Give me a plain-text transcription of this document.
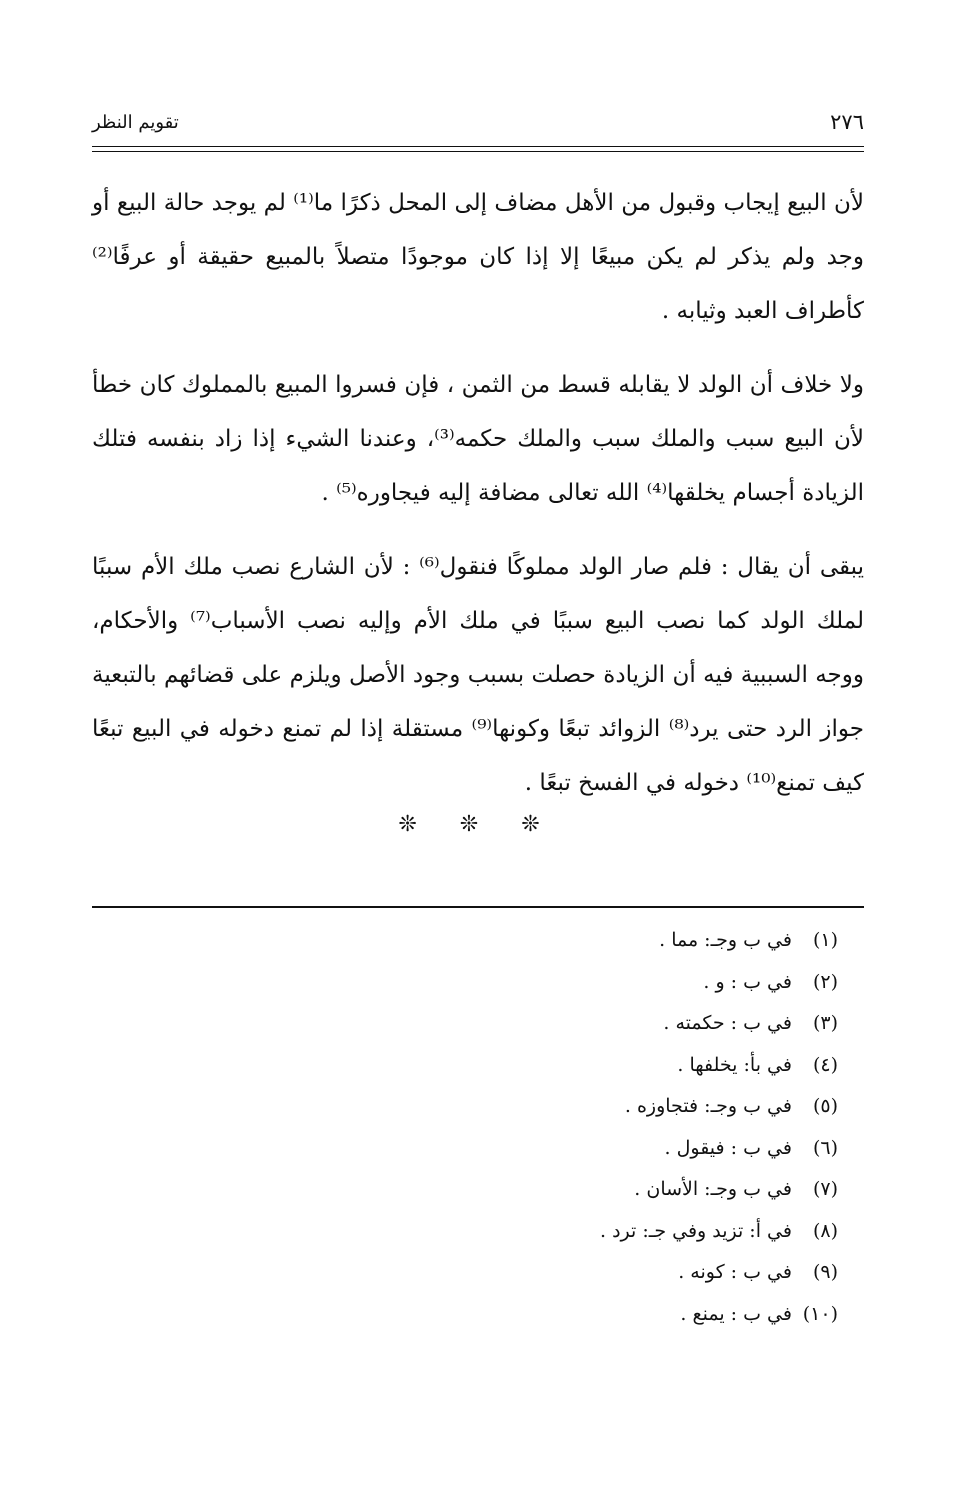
٢٧٦
تقويم النظر

لأن البيع إيجاب وقبول من الأهل مضاف إلى المحل ذكرًا ما⁽¹⁾ لم يوجد حالة البيع أو وجد ولم يذكر لم يكن مبيعًا إلا إذا كان موجودًا متصلاً بالمبيع حقيقة أو عرفًا⁽²⁾ كأطراف العبد وثيابه .

ولا خلاف أن الولد لا يقابله قسط من الثمن ، فإن فسروا المبيع بالمملوك كان خطأ لأن البيع سبب والملك سبب والملك حكمه⁽³⁾، وعندنا الشيء إذا زاد بنفسه فتلك الزيادة أجسام يخلقها⁽⁴⁾ الله تعالى مضافة إليه فيجاوره⁽⁵⁾ .

يبقى أن يقال : فلم صار الولد مملوكًا فنقول⁽⁶⁾ : لأن الشارع نصب ملك الأم سببًا لملك الولد كما نصب البيع سببًا في ملك الأم وإليه نصب الأسباب⁽⁷⁾ والأحكام، ووجه السببية فيه أن الزيادة حصلت بسبب وجود الأصل ويلزم على قضائهم بالتبعية جواز الرد حتى يرد⁽⁸⁾ الزوائد تبعًا وكونها⁽⁹⁾ مستقلة إذا لم تمنع دخوله في البيع تبعًا كيف تمنع⁽¹⁰⁾ دخوله في الفسخ تبعًا .

❊ ❊ ❊
(١) في ب وجـ: مما .
(٢) في ب : و .
(٣) في ب : حكمته .
(٤) في بأ: يخلفها .
(٥) في ب وجـ: فتجاوزه .
(٦) في ب : فيقول .
(٧) في ب وجـ: الأسان .
(٨) في أ: تزيد وفي جـ: ترد .
(٩) في ب : كونه .
(١٠) في ب : يمنع .
